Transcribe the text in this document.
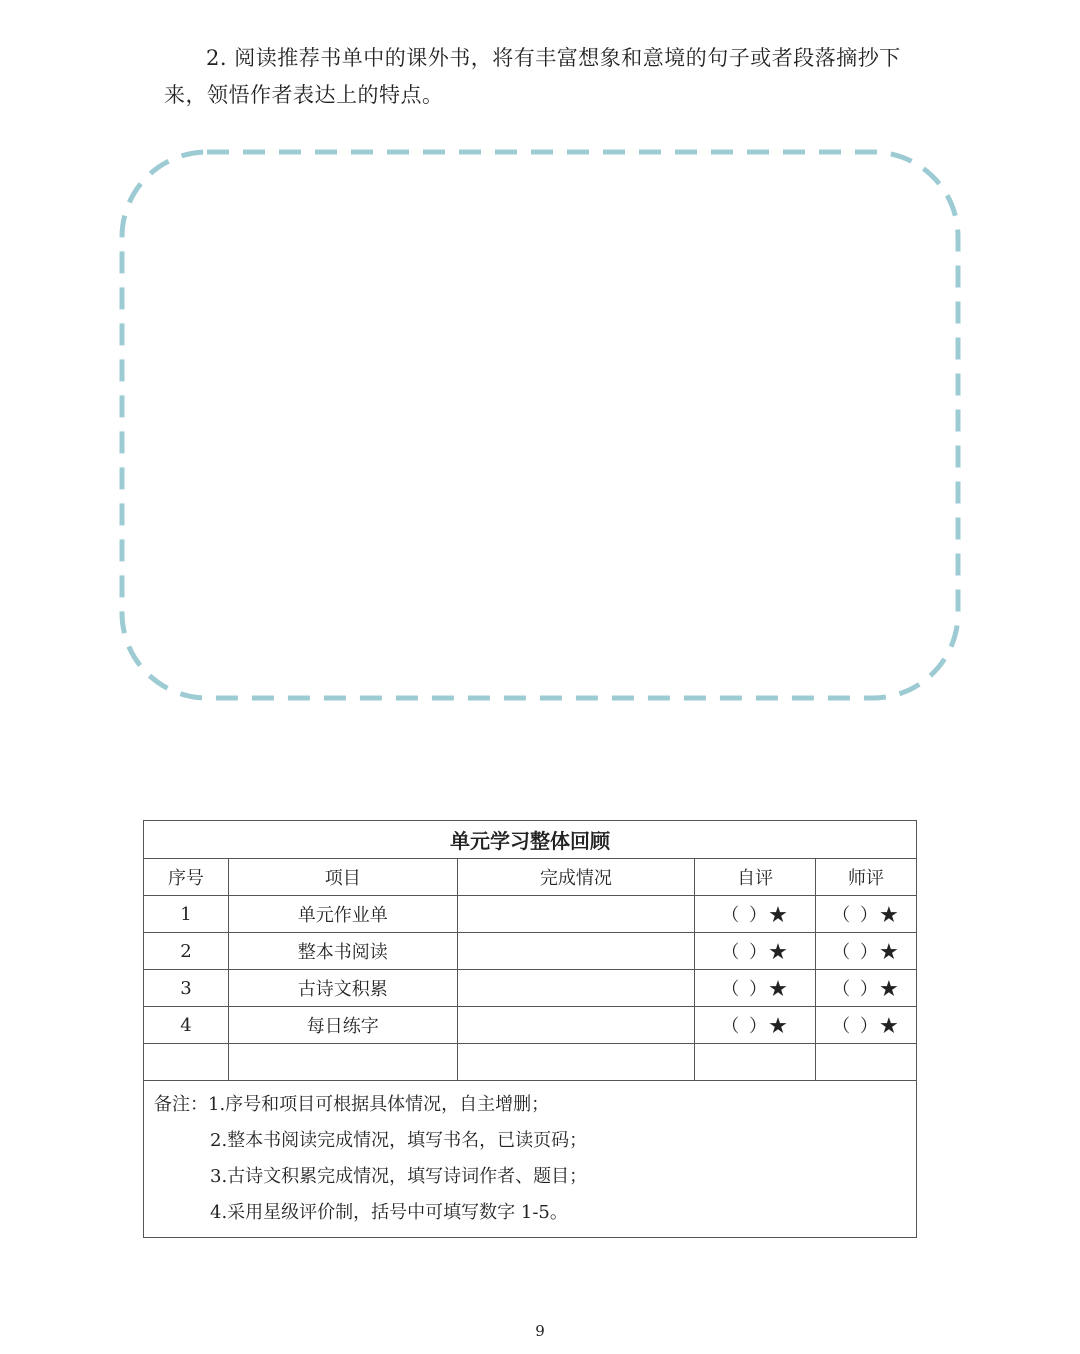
2. 阅读推荐书单中的课外书，将有丰富想象和意境的句子或者段落摘抄下
来，领悟作者表达上的特点。
单元学习整体回顾				
序号	项目	完成情况	自评	师评
1	单元作业单		（ ）★	（ ）★
2	整本书阅读		（ ）★	（ ）★
3	古诗文积累		（ ）★	（ ）★
4	每日练字		（ ）★	（ ）★

备注：1.序号和项目可根据具体情况，自主增删；
2.整本书阅读完成情况，填写书名，已读页码；
3.古诗文积累完成情况，填写诗词作者、题目；
4.采用星级评价制，括号中可填写数字 1-5。				
9
